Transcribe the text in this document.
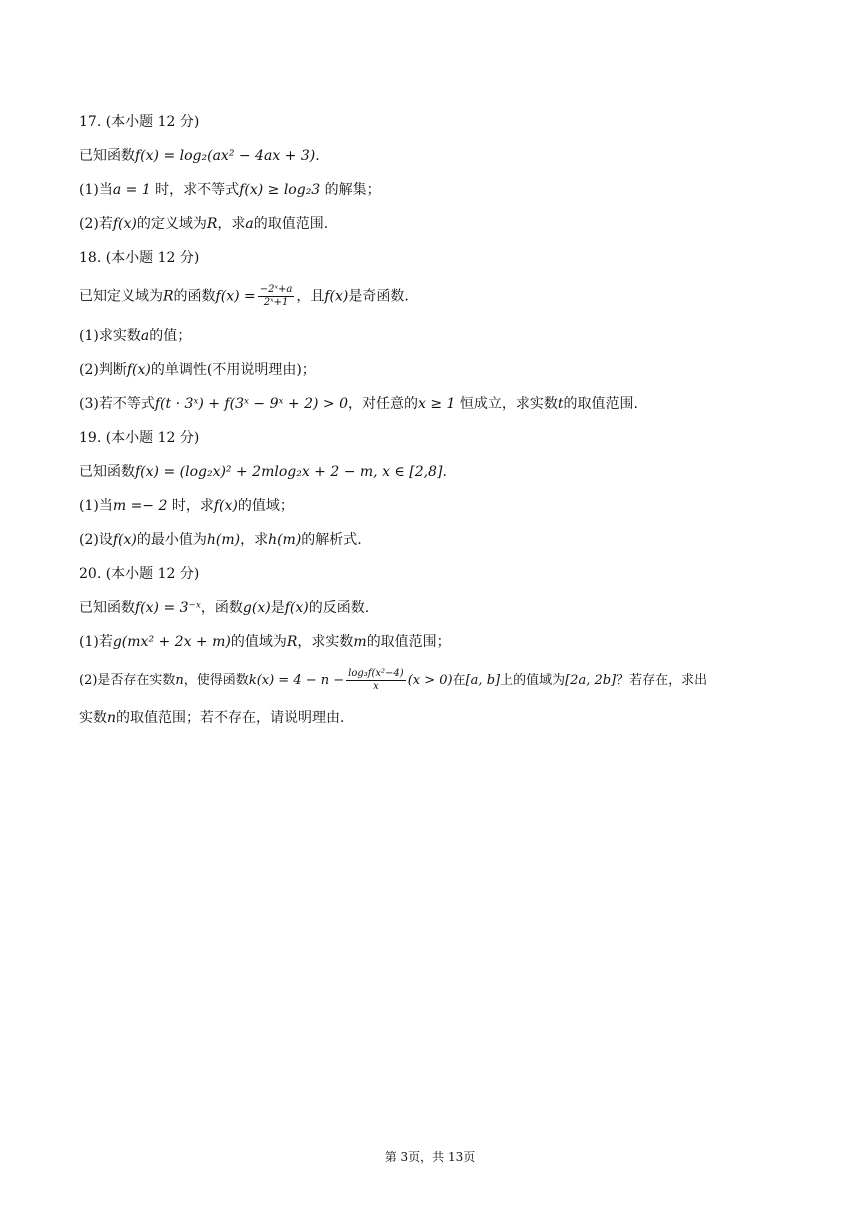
17. (本小题 12 分)
已知函数f(x) = log₂(ax² − 4ax + 3).
(1)当a = 1 时，求不等式f(x) ≥ log₂3 的解集；
(2)若f(x)的定义域为R，求a的取值范围.
18. (本小题 12 分)
已知定义域为R的函数$f(x) = \frac{\text{−2ˣ+a}}{\text{2ˣ+1}}$ ，且f(x)是奇函数.
(1)求实数a的值；
(2)判断f(x)的单调性(不用说明理由)；
(3)若不等式f(t · 3ˣ) + f(3ˣ − 9ˣ + 2) > 0，对任意的x ≥ 1 恒成立，求实数t的取值范围.
19. (本小题 12 分)
已知函数f(x) = (log₂x)² + 2mlog₂x + 2 − m, x ∈ [2,8].
(1)当m =− 2 时，求f(x)的值域；
(2)设f(x)的最小值为h(m)，求h(m)的解析式.
20. (本小题 12 分)
已知函数f(x) = 3⁻ˣ，函数g(x)是f(x)的反函数.
(1)若g(mx² + 2x + m)的值域为R，求实数m的取值范围；
(2)是否存在实数n，使得函数$k(x) = 4 - n - \frac{\text{log₃f(x²−4)}}{x} (x > 0)$在[a, b]上的值域为[2a, 2b]？若存在，求出
实数n的取值范围；若不存在，请说明理由.
第 3页，共 13页
